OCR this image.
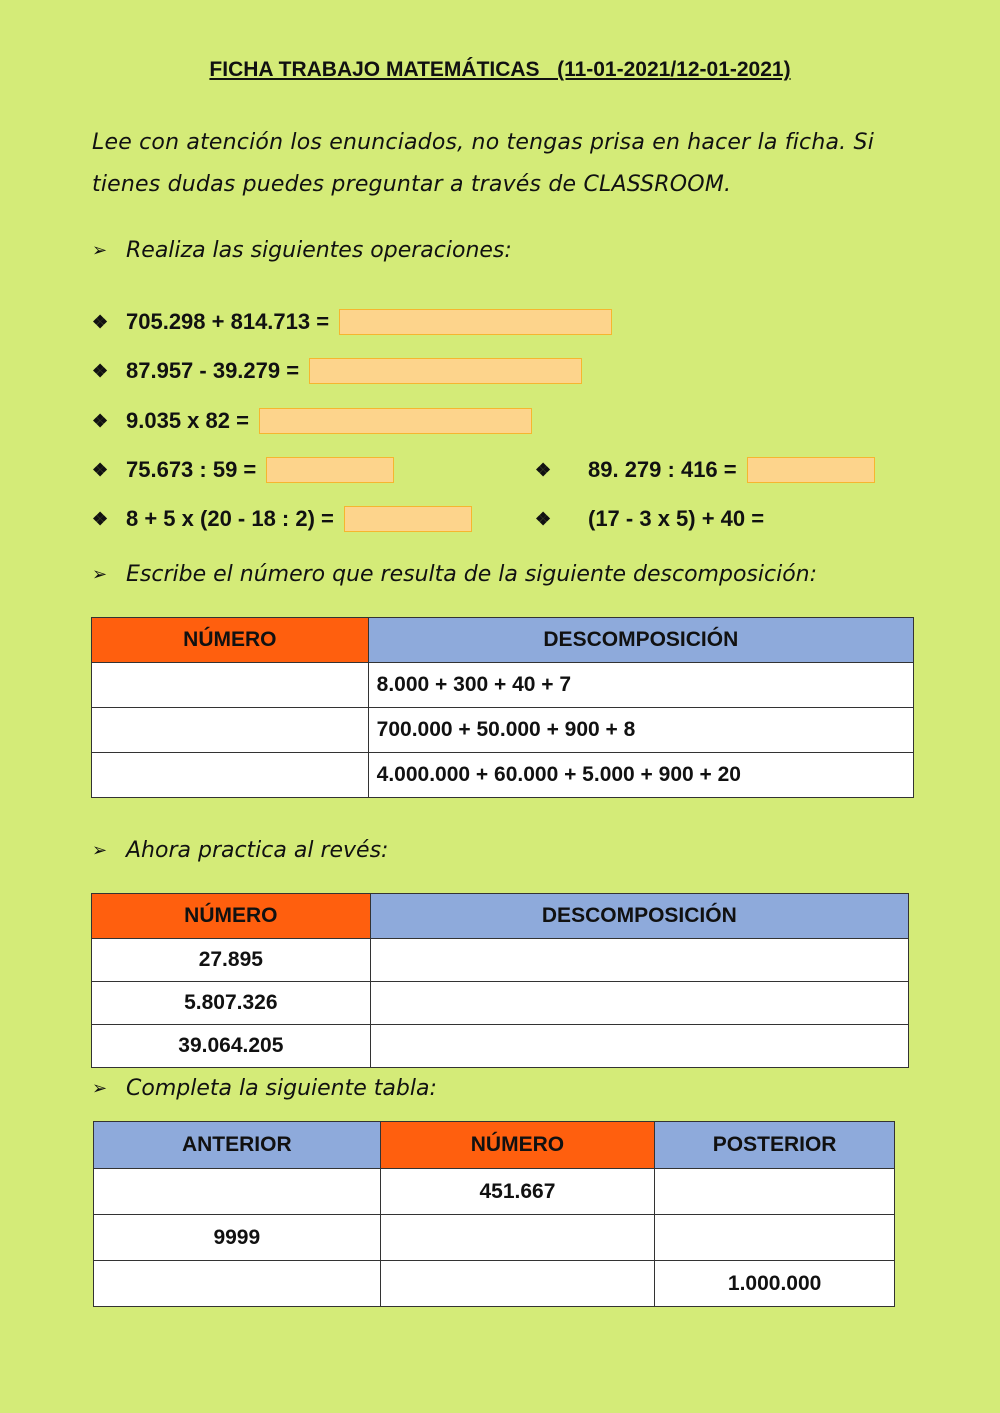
FICHA TRABAJO MATEMÁTICAS   (11-01-2021/12-01-2021)
Lee con atención los enunciados, no tengas prisa en hacer la ficha. Si tienes dudas puedes preguntar a través de CLASSROOM.
➢ Realiza las siguientes operaciones:
❖ 705.298 + 814.713 =
❖ 87.957 - 39.279 =
❖ 9.035 x 82 =
❖ 75.673 : 59 =	❖	89. 279 : 416 =
❖ 8 + 5 x (20 - 18 : 2) =	❖	(17 - 3 x 5) + 40 =
➢ Escribe el número que resulta de la siguiente descomposición:
NÚMERO	DESCOMPOSICIÓN
	8.000 + 300 + 40 + 7
	700.000 + 50.000 + 900 + 8
	4.000.000 + 60.000 + 5.000 + 900 + 20
➢ Ahora practica al revés:
NÚMERO	DESCOMPOSICIÓN
27.895	
5.807.326	
39.064.205	
➢ Completa la siguiente tabla:
ANTERIOR	NÚMERO	POSTERIOR
	451.667	
9999		
		1.000.000
